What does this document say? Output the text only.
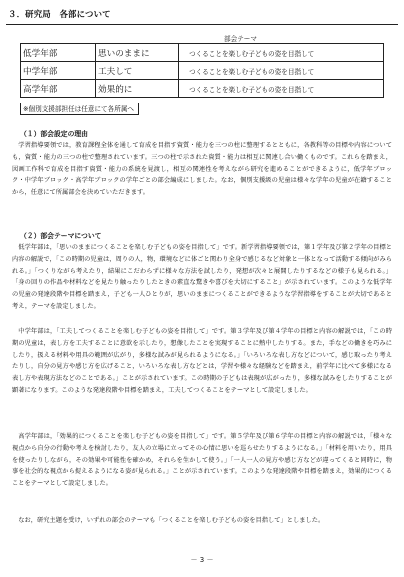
３．研究局　各部について

	部会テーマ	

低学年部	思いのままに	つくることを楽しむ子どもの姿を目指して
中学年部	工夫して	つくることを楽しむ子どもの姿を目指して
高学年部	効果的に	つくることを楽しむ子どもの姿を目指して
※個別支援部担任は任意にて各所属へ
（１）部会設定の理由
学習指導要領では，教育課程全体を通して育成を目指す資質・能力を三つの柱に整理するとともに，各教科等の目標や内容についても，資質・能力の三つの柱で整理されています。三つの柱で示された資質・能力は相互に関連し合い働くものです。これらを踏まえ，図画工作科で育成を目指す資質・能力の系統を見渡し，相互の関連性を考えながら研究を進めることができるように，低学年ブロック・中学年ブロック・高学年ブロックの学年ごとの部会編成にしました。なお，個別支援級の児童は様々な学年の児童が在籍することから，任意にて所属部会を決めていただきます。
（２）部会テーマについて
低学年部は，「思いのままにつくることを楽しむ子どもの姿を目指して」です。新学習指導要領では，第１学年及び第２学年の目標と内容の解説で，「この時期の児童は，周りの人，物，環境などに体ごと関わり全身で感じるなど対象と一体となって活動する傾向がみられる。」「つくりながら考えたり，結果にこだわらずに様々な方法を試したり，発想が次々と展開したりするなどの様子も見られる。」「身の回りの作品や材料などを見たり触ったりしたときの素直な驚きや喜びを大切にすること」が示されています。このような低学年の児童の発達段階や目標を踏まえ，子ども一人ひとりが，思いのままにつくることができるような学習指導をすることが大切であると考え，テーマを設定しました。
中学年部は，「工夫してつくることを楽しむ子どもの姿を目指して」です。第３学年及び第４学年の目標と内容の解説では，「この時期の児童は，表し方を工夫することに意欲を示したり，想像したことを実現することに熱中したりする。また，手などの働きを巧みにしたり，扱える材料や用具の範囲が広がり，多様な試みが見られるようになる。」「いろいろな表し方などについて，感じ取ったり考えたりし，自分の見方や感じ方を広げること，いろいろな表し方などとは，学習や様々な経験などを踏まえ，前学年に比べて多様になる表し方や表現方法などのことである。」ことが示されています。この時期の子どもは表現が広がったり，多様な試みをしたりすることが顕著になります。このような発達段階や目標を踏まえ，工夫してつくることをテーマとして設定しました。
高学年部は，「効果的につくることを楽しむ子どもの姿を目指して」です。第５学年及び第６学年の目標と内容の解説では，「様々な視点から自分の行動や考えを検討したり，友人の立場に立ってその心情に思いを巡らせたりするようになる。」「材料を用いたり，用具を使ったりしながら，その効果や可能性を確かめ，それらを生かして使う。」「一人一人の見方や感じ方などが違ってくると同時に，物事を社会的な視点から捉えるようになる姿が見られる。」ことが示されています。このような発達段階や目標を踏まえ，効果的につくることをテーマとして設定しました。
なお，研究主題を受け，いずれの部会のテーマも「つくることを楽しむ子どもの姿を目指して」としました。
－ 3 －
